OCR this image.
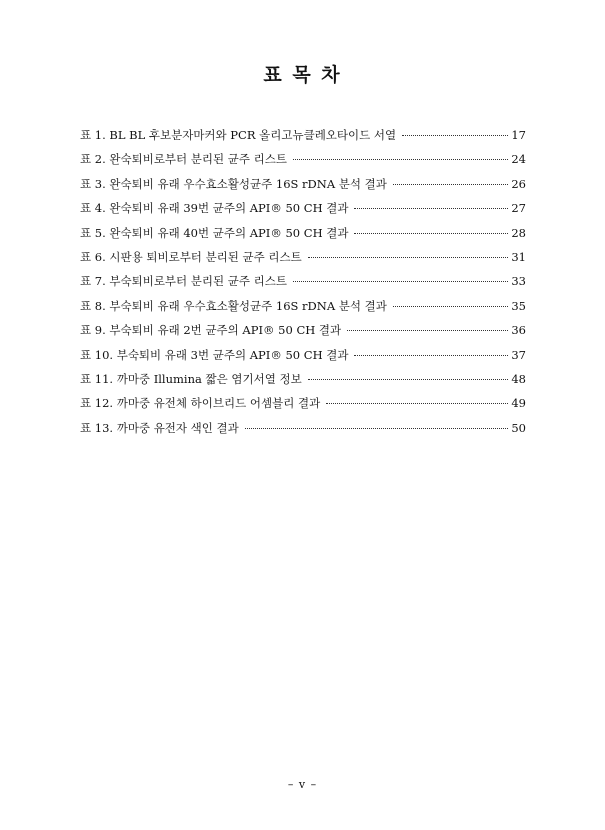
표 목 차
표 1. BL BL 후보분자마커와 PCR 올리고뉴클레오타이드 서열	17
표 2. 완숙퇴비로부터 분리된 균주 리스트	24
표 3. 완숙퇴비 유래 우수효소활성균주 16S rDNA 분석 결과	26
표 4. 완숙퇴비 유래 39번 균주의 API® 50 CH 결과	27
표 5. 완숙퇴비 유래 40번 균주의 API® 50 CH 결과	28
표 6. 시판용 퇴비로부터 분리된 균주 리스트	31
표 7. 부숙퇴비로부터 분리된 균주 리스트	33
표 8. 부숙퇴비 유래 우수효소활성균주 16S rDNA 분석 결과	35
표 9. 부숙퇴비 유래 2번 균주의 API® 50 CH 결과	36
표 10. 부숙퇴비 유래 3번 균주의 API® 50 CH 결과	37
표 11. 까마중 Illumina 짧은 염기서열 정보	48
표 12. 까마중 유전체 하이브리드 어셈블리 결과	49
표 13. 까마중 유전자 색인 결과	50
– v –
